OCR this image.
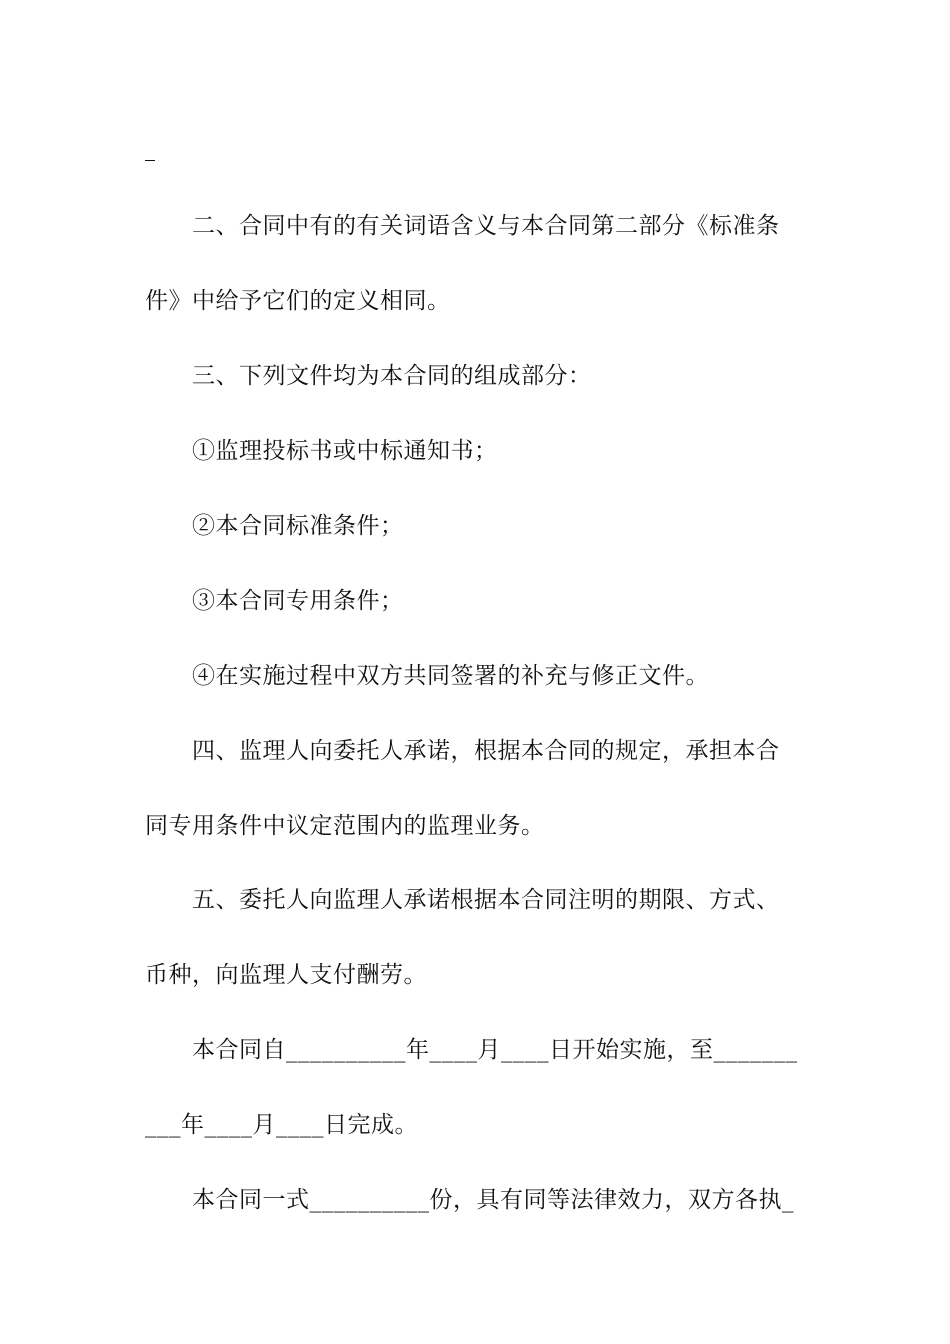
二、合同中有的有关词语含义与本合同第二部分《标准条
件》中给予它们的定义相同。
三、下列文件均为本合同的组成部分：
①监理投标书或中标通知书；
②本合同标准条件；
③本合同专用条件；
④在实施过程中双方共同签署的补充与修正文件。
四、监理人向委托人承诺，根据本合同的规定，承担本合
同专用条件中议定范围内的监理业务。
五、委托人向监理人承诺根据本合同注明的期限、方式、
币种，向监理人支付酬劳。
本合同自__________年____月____日开始实施，至_______
___年____月____日完成。
本合同一式__________份，具有同等法律效力，双方各执_
